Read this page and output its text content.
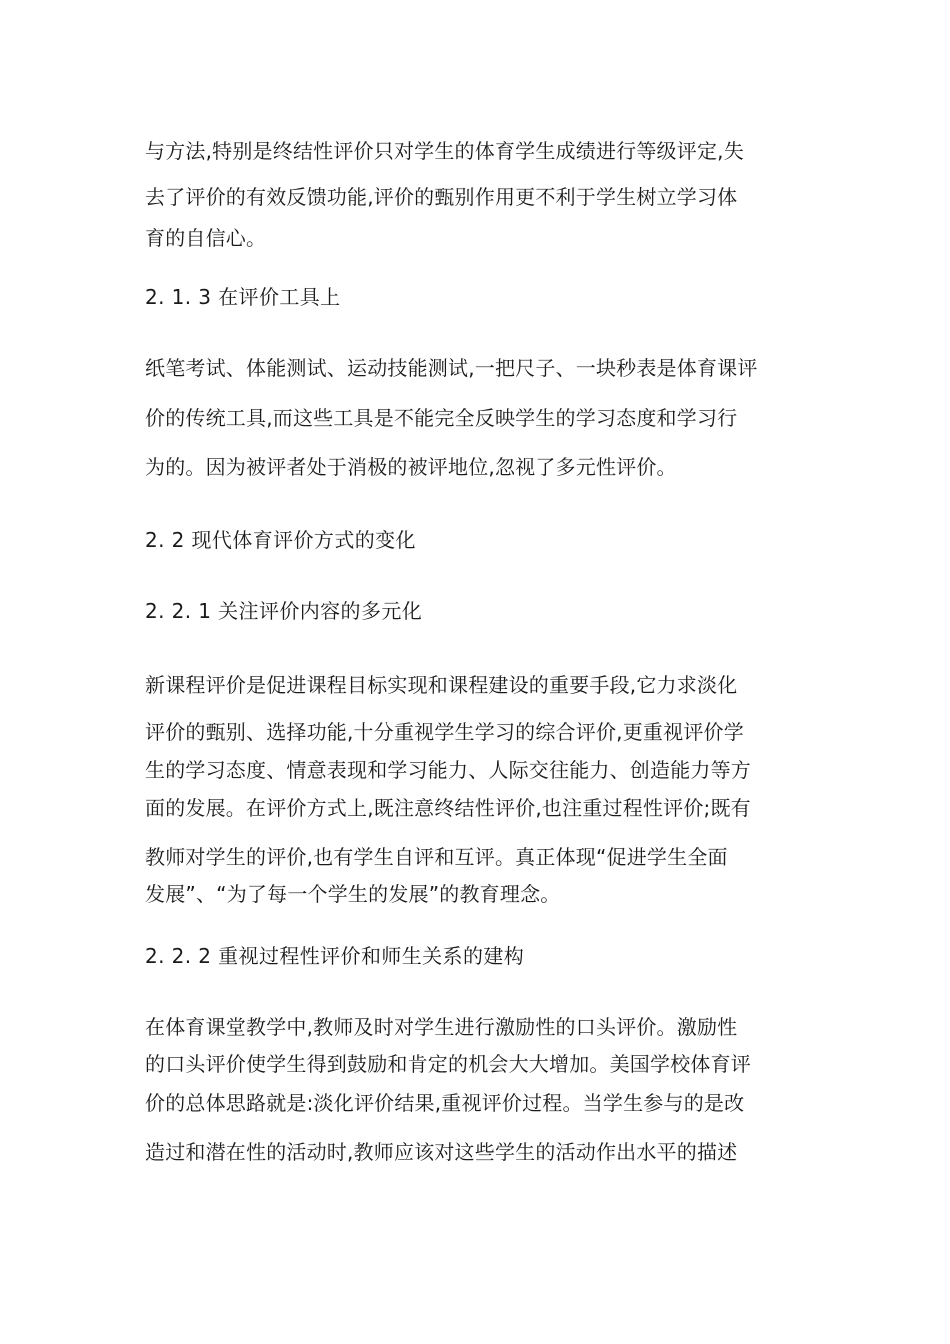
与方法,特别是终结性评价只对学生的体育学生成绩进行等级评定,失
去了评价的有效反馈功能,评价的甄别作用更不利于学生树立学习体
育的自信心。
2. 1. 3 在评价工具上
纸笔考试、体能测试、运动技能测试,一把尺子、一块秒表是体育课评
价的传统工具,而这些工具是不能完全反映学生的学习态度和学习行
为的。因为被评者处于消极的被评地位,忽视了多元性评价。
2. 2 现代体育评价方式的变化
2. 2. 1 关注评价内容的多元化
新课程评价是促进课程目标实现和课程建设的重要手段,它力求淡化
评价的甄别、选择功能,十分重视学生学习的综合评价,更重视评价学
生的学习态度、情意表现和学习能力、人际交往能力、创造能力等方
面的发展。在评价方式上,既注意终结性评价,也注重过程性评价;既有
教师对学生的评价,也有学生自评和互评。真正体现“促进学生全面
发展”、“为了每一个学生的发展”的教育理念。
2. 2. 2 重视过程性评价和师生关系的建构
在体育课堂教学中,教师及时对学生进行激励性的口头评价。激励性
的口头评价使学生得到鼓励和肯定的机会大大增加。美国学校体育评
价的总体思路就是:淡化评价结果,重视评价过程。当学生参与的是改
造过和潜在性的活动时,教师应该对这些学生的活动作出水平的描述
